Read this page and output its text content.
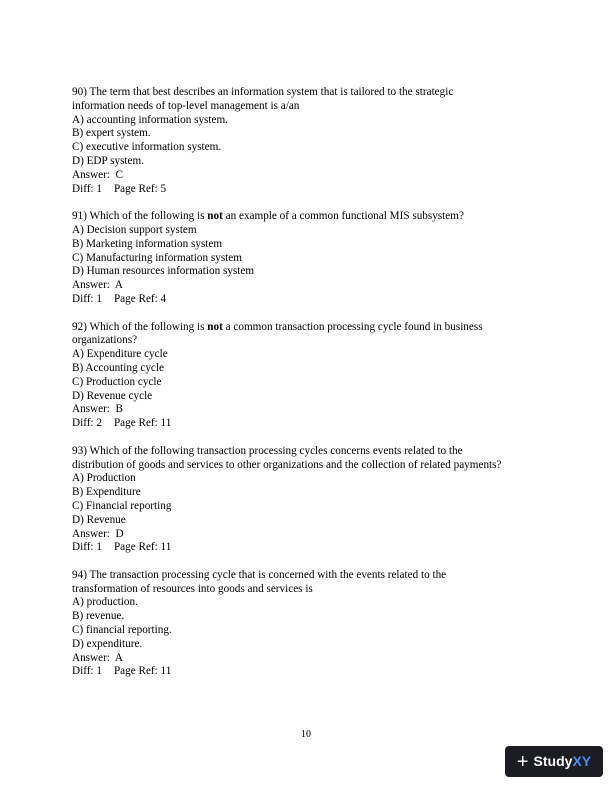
90) The term that best describes an information system that is tailored to the strategic
information needs of top-level management is a/an
A) accounting information system.
B) expert system.
C) executive information system.
D) EDP system.
Answer:  C
Diff: 1 Page Ref: 5
91) Which of the following is not an example of a common functional MIS subsystem?
A) Decision support system
B) Marketing information system
C) Manufacturing information system
D) Human resources information system
Answer:  A
Diff: 1 Page Ref: 4
92) Which of the following is not a common transaction processing cycle found in business
organizations?
A) Expenditure cycle
B) Accounting cycle
C) Production cycle
D) Revenue cycle
Answer:  B
Diff: 2 Page Ref: 11
93) Which of the following transaction processing cycles concerns events related to the
distribution of goods and services to other organizations and the collection of related payments?
A) Production
B) Expenditure
C) Financial reporting
D) Revenue
Answer:  D
Diff: 1 Page Ref: 11
94) The transaction processing cycle that is concerned with the events related to the
transformation of resources into goods and services is
A) production.
B) revenue.
C) financial reporting.
D) expenditure.
Answer:  A
Diff: 1 Page Ref: 11
10
+ Study XY
